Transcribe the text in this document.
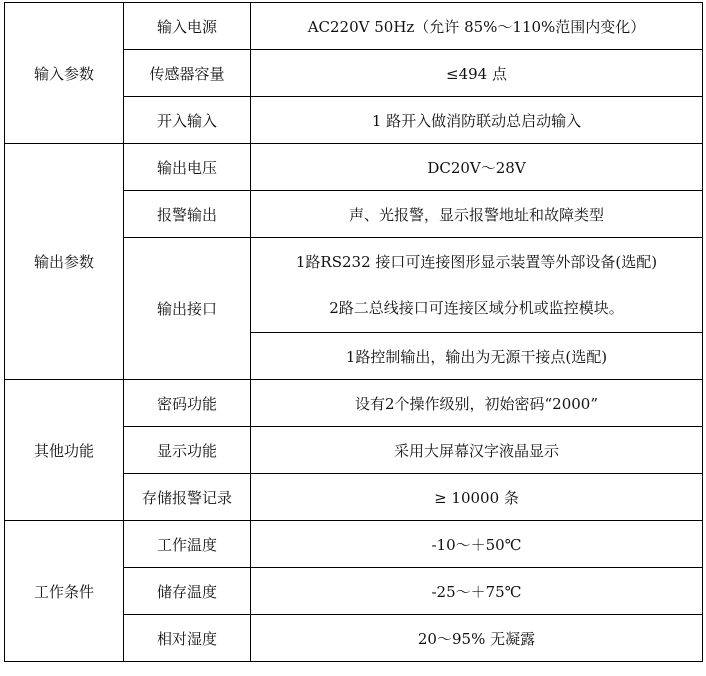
输入参数	输入电源	AC220V 50Hz（允许 85%～110%范围内变化）
	传感器容量	≤494 点
	开入输入	1 路开入做消防联动总启动输入
输出参数	输出电压	DC20V～28V
	报警输出	声、光报警，显示报警地址和故障类型
	输出接口	1路RS232 接口可连接图形显示装置等外部设备(选配)
2路二总线接口可连接区域分机或监控模块。

		1路控制输出，输出为无源干接点(选配)
其他功能	密码功能	设有2个操作级别，初始密码“2000”
	显示功能	采用大屏幕汉字液晶显示
	存储报警记录	≥ 10000 条
工作条件	工作温度	-10～＋50℃
	储存温度	-25～＋75℃
	相对湿度	20～95% 无凝露
